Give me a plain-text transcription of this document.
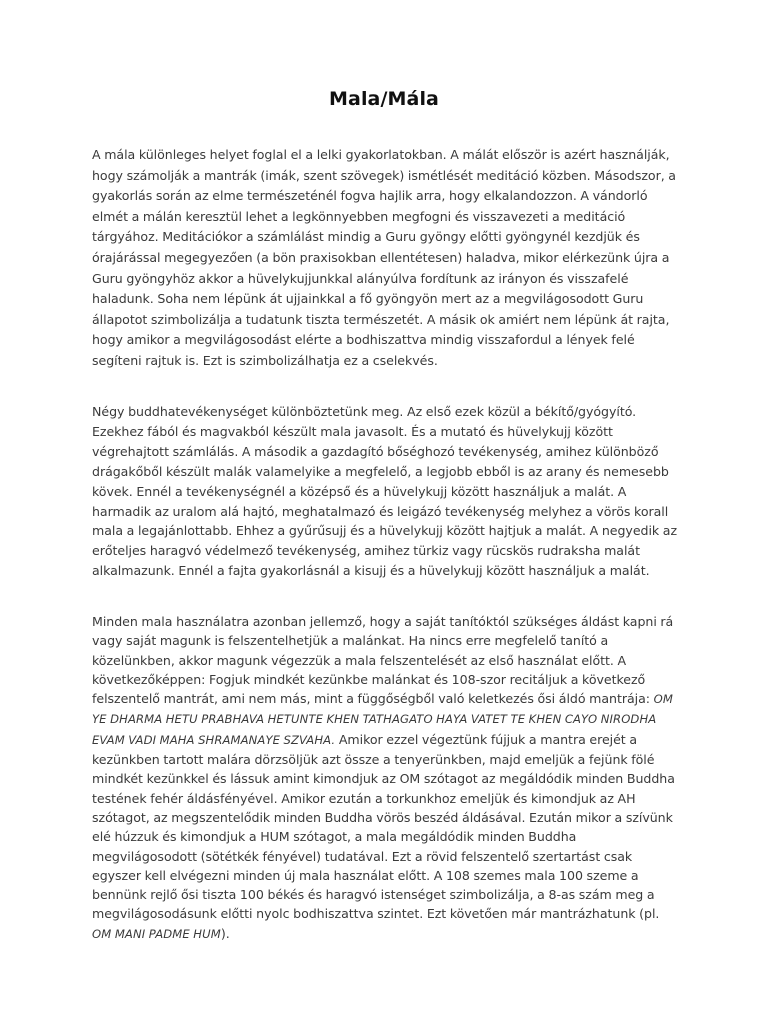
Mala/Mála

A mála különleges helyet foglal el a lelki gyakorlatokban. A málát először is azért használják, hogy számolják a mantrák (imák, szent szövegek) ismétlését meditáció közben. Másodszor, a gyakorlás során az elme természeténél fogva hajlik arra, hogy elkalandozzon. A vándorló elmét a málán keresztül lehet a legkönnyebben megfogni és visszavezeti a meditáció tárgyához. Meditációkor a számlálást mindig a Guru gyöngy előtti gyöngynél kezdjük és órajárással megegyezően (a bön praxisokban ellentétesen) haladva, mikor elérkezünk újra a Guru gyöngyhöz akkor a hüvelykujjunkkal alányúlva fordítunk az irányon és visszafelé haladunk. Soha nem lépünk át ujjainkkal a fő gyöngyön mert az a megvilágosodott Guru állapotot szimbolizálja a tudatunk tiszta természetét. A másik ok amiért nem lépünk át rajta, hogy amikor a megvilágosodást elérte a bodhiszattva mindig visszafordul a lények felé segíteni rajtuk is. Ezt is szimbolizálhatja ez a cselekvés.

Négy buddhatevékenységet különböztetünk meg. Az első ezek közül a békítő/gyógyító. Ezekhez fából és magvakból készült mala javasolt. És a mutató és hüvelykujj között végrehajtott számlálás. A második a gazdagító bőséghozó tevékenység, amihez különböző drágakőből készült malák valamelyike a megfelelő, a legjobb ebből is az arany és nemesebb kövek. Ennél a tevékenységnél a középső és a hüvelykujj között használjuk a malát. A harmadik az uralom alá hajtó, meghatalmazó és leigázó tevékenység melyhez a vörös korall mala a legajánlottabb. Ehhez a gyűrűsujj és a hüvelykujj között hajtjuk a malát. A negyedik az erőteljes haragvó védelmező tevékenység, amihez türkiz vagy rücskös rudraksha malát alkalmazunk. Ennél a fajta gyakorlásnál a kisujj és a hüvelykujj között használjuk a malát.

Minden mala használatra azonban jellemző, hogy a saját tanítóktól szükséges áldást kapni rá vagy saját magunk is felszentelhetjük a malánkat. Ha nincs erre megfelelő tanító a közelünkben, akkor magunk végezzük a mala felszentelését az első használat előtt. A következőképpen: Fogjuk mindkét kezünkbe malánkat és 108-szor recitáljuk a következő felszentelő mantrát, ami nem más, mint a függőségből való keletkezés ősi áldó mantrája: OM YE DHARMA HETU PRABHAVA HETUNTE KHEN TATHAGATO HAYA VATET TE KHEN CAYO NIRODHA EVAM VADI MAHA SHRAMANAYE SZVAHA. Amikor ezzel végeztünk fújjuk a mantra erejét a kezünkben tartott malára dörzsöljük azt össze a tenyerünkben, majd emeljük a fejünk fölé mindkét kezünkkel és lássuk amint kimondjuk az OM szótagot az megáldódik minden Buddha testének fehér áldásfényével. Amikor ezután a torkunkhoz emeljük és kimondjuk az AH szótagot, az megszentelődik minden Buddha vörös beszéd áldásával. Ezután mikor a szívünk elé húzzuk és kimondjuk a HUM szótagot, a mala megáldódik minden Buddha megvilágosodott (sötétkék fényével) tudatával. Ezt a rövid felszentelő szertartást csak egyszer kell elvégezni minden új mala használat előtt. A 108 szemes mala 100 szeme a bennünk rejlő ősi tiszta 100 békés és haragvó istenséget szimbolizálja, a 8-as szám meg a megvilágosodásunk előtti nyolc bodhiszattva szintet. Ezt követően már mantrázhatunk (pl. OM MANI PADME HUM).
